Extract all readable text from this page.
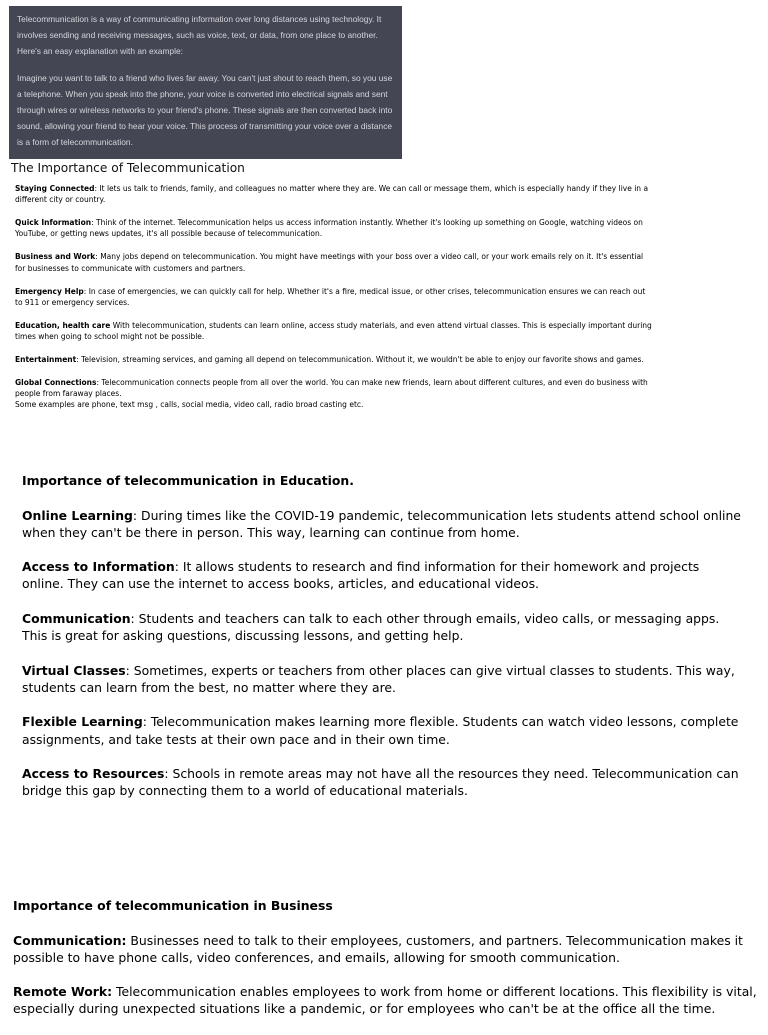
Telecommunication is a way of communicating information over long distances using technology. It involves sending and receiving messages, such as voice, text, or data, from one place to another. Here's an easy explanation with an example:

Imagine you want to talk to a friend who lives far away. You can't just shout to reach them, so you use a telephone. When you speak into the phone, your voice is converted into electrical signals and sent through wires or wireless networks to your friend's phone. These signals are then converted back into sound, allowing your friend to hear your voice. This process of transmitting your voice over a distance is a form of telecommunication.

The Importance of Telecommunication

Staying Connected: It lets us talk to friends, family, and colleagues no matter where they are. We can call or message them, which is especially handy if they live in a different city or country.

Quick Information: Think of the internet. Telecommunication helps us access information instantly. Whether it's looking up something on Google, watching videos on YouTube, or getting news updates, it's all possible because of telecommunication.

Business and Work: Many jobs depend on telecommunication. You might have meetings with your boss over a video call, or your work emails rely on it. It's essential for businesses to communicate with customers and partners.

Emergency Help: In case of emergencies, we can quickly call for help. Whether it's a fire, medical issue, or other crises, telecommunication ensures we can reach out to 911 or emergency services.

Education, health care With telecommunication, students can learn online, access study materials, and even attend virtual classes. This is especially important during times when going to school might not be possible.

Entertainment: Television, streaming services, and gaming all depend on telecommunication. Without it, we wouldn't be able to enjoy our favorite shows and games.

Global Connections: Telecommunication connects people from all over the world. You can make new friends, learn about different cultures, and even do business with people from faraway places.

Some examples are phone, text msg , calls, social media, video call, radio broad casting etc.

Importance of telecommunication in Education.

Online Learning: During times like the COVID-19 pandemic, telecommunication lets students attend school online when they can't be there in person. This way, learning can continue from home.

Access to Information: It allows students to research and find information for their homework and projects online. They can use the internet to access books, articles, and educational videos.

Communication: Students and teachers can talk to each other through emails, video calls, or messaging apps. This is great for asking questions, discussing lessons, and getting help.

Virtual Classes: Sometimes, experts or teachers from other places can give virtual classes to students. This way, students can learn from the best, no matter where they are.

Flexible Learning: Telecommunication makes learning more flexible. Students can watch video lessons, complete assignments, and take tests at their own pace and in their own time.

Access to Resources: Schools in remote areas may not have all the resources they need. Telecommunication can bridge this gap by connecting them to a world of educational materials.

Importance of telecommunication in Business

Communication: Businesses need to talk to their employees, customers, and partners. Telecommunication makes it possible to have phone calls, video conferences, and emails, allowing for smooth communication.

Remote Work: Telecommunication enables employees to work from home or different locations. This flexibility is vital, especially during unexpected situations like a pandemic, or for employees who can't be at the office all the time.
